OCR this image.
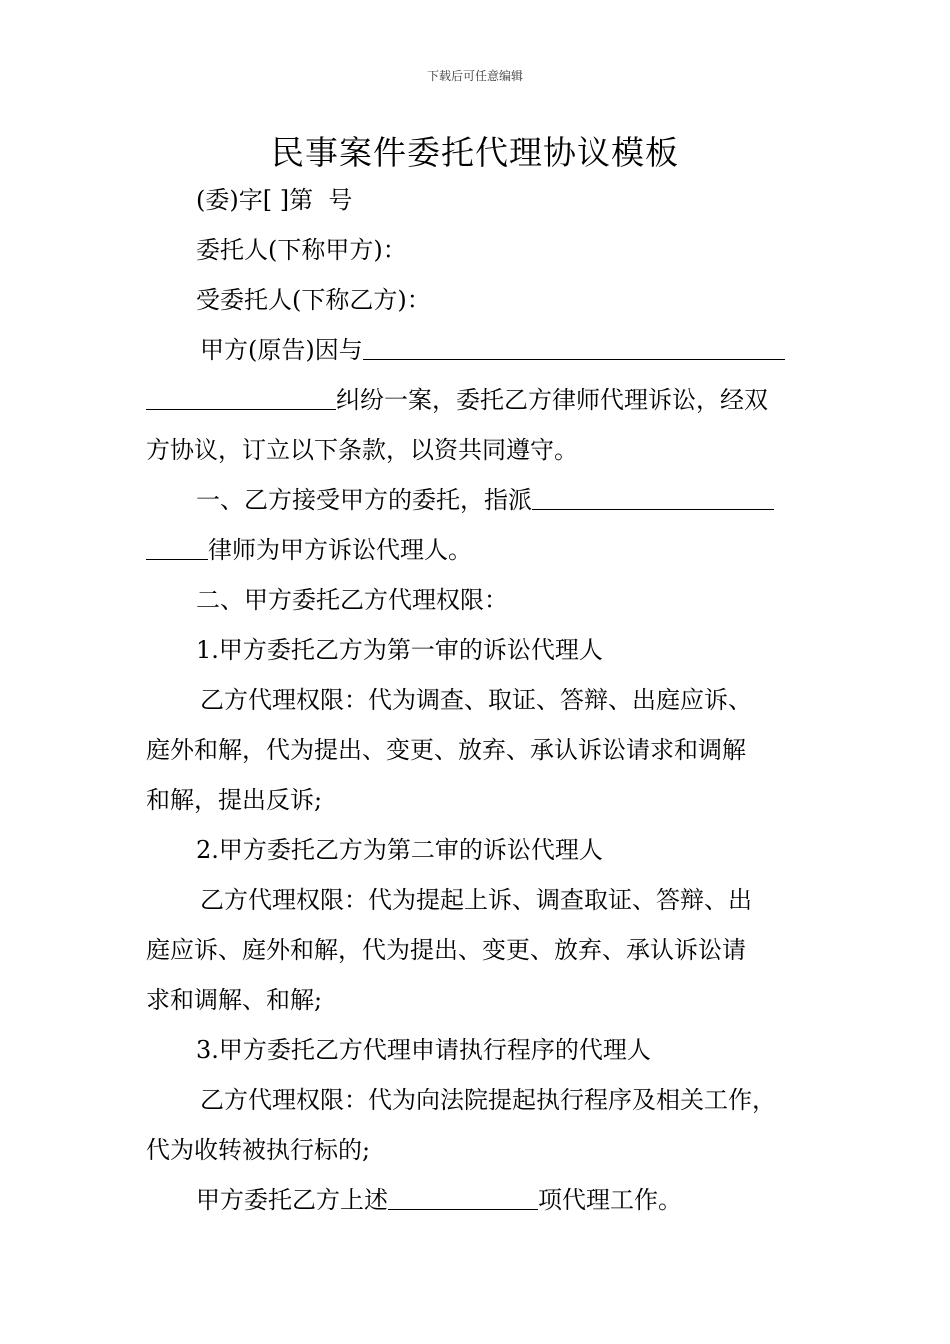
下载后可任意编辑
民事案件委托代理协议模板
(委)字[ ]第  号
委托人(下称甲方)：
受委托人(下称乙方)：
甲方(原告)因与
纠纷一案，委托乙方律师代理诉讼，经双
方协议，订立以下条款，以资共同遵守。
一、乙方接受甲方的委托，指派
律师为甲方诉讼代理人。
二、甲方委托乙方代理权限：
1.甲方委托乙方为第一审的诉讼代理人
乙方代理权限：代为调查、取证、答辩、出庭应诉、
庭外和解，代为提出、变更、放弃、承认诉讼请求和调解
和解，提出反诉;
2.甲方委托乙方为第二审的诉讼代理人
乙方代理权限：代为提起上诉、调查取证、答辩、出
庭应诉、庭外和解，代为提出、变更、放弃、承认诉讼请
求和调解、和解;
3.甲方委托乙方代理申请执行程序的代理人
乙方代理权限：代为向法院提起执行程序及相关工作，
代为收转被执行标的;
甲方委托乙方上述	项代理工作。
